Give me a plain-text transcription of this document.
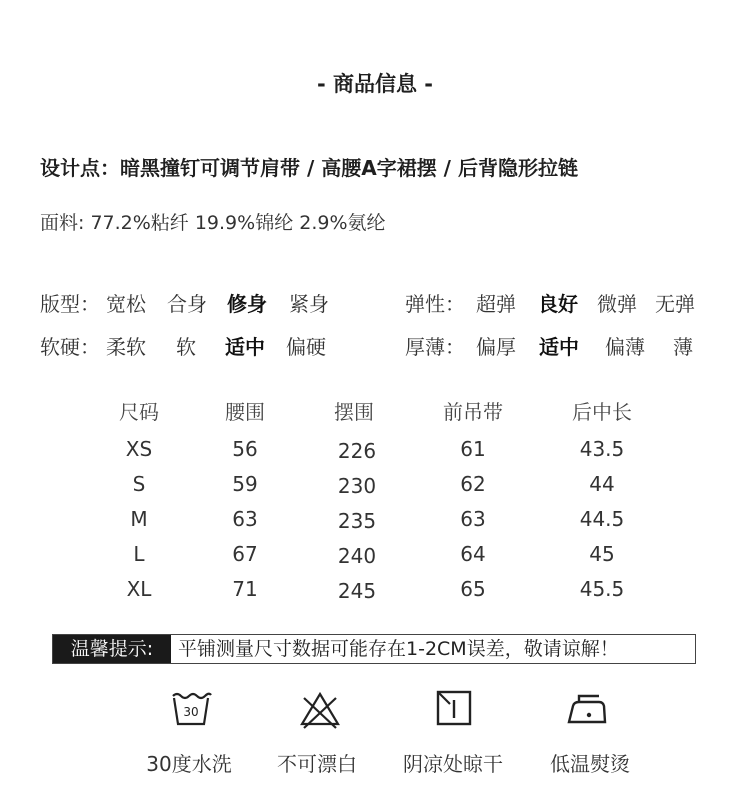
- 商品信息 -
设计点：暗黑撞钉可调节肩带 / 高腰A字裙摆 / 后背隐形拉链
面料: 77.2%粘纤 19.9%锦纶 2.9%氨纶
版型： 宽松 合身 修身 紧身	弹性： 超弹 良好 微弹 无弹
软硬： 柔软 软 适中 偏硬	厚薄： 偏厚 适中 偏薄 薄
尺码	腰围	摆围	前吊带	后中长
XS	56	226	61	43.5
S	59	230	62	44
M	63	235	63	44.5
L	67	240	64	45
XL	71	245	65	45.5
温馨提示:	平铺测量尺寸数据可能存在1-2CM误差，敬请谅解！
30
30度水洗	不可漂白	阴凉处晾干	低温熨烫
